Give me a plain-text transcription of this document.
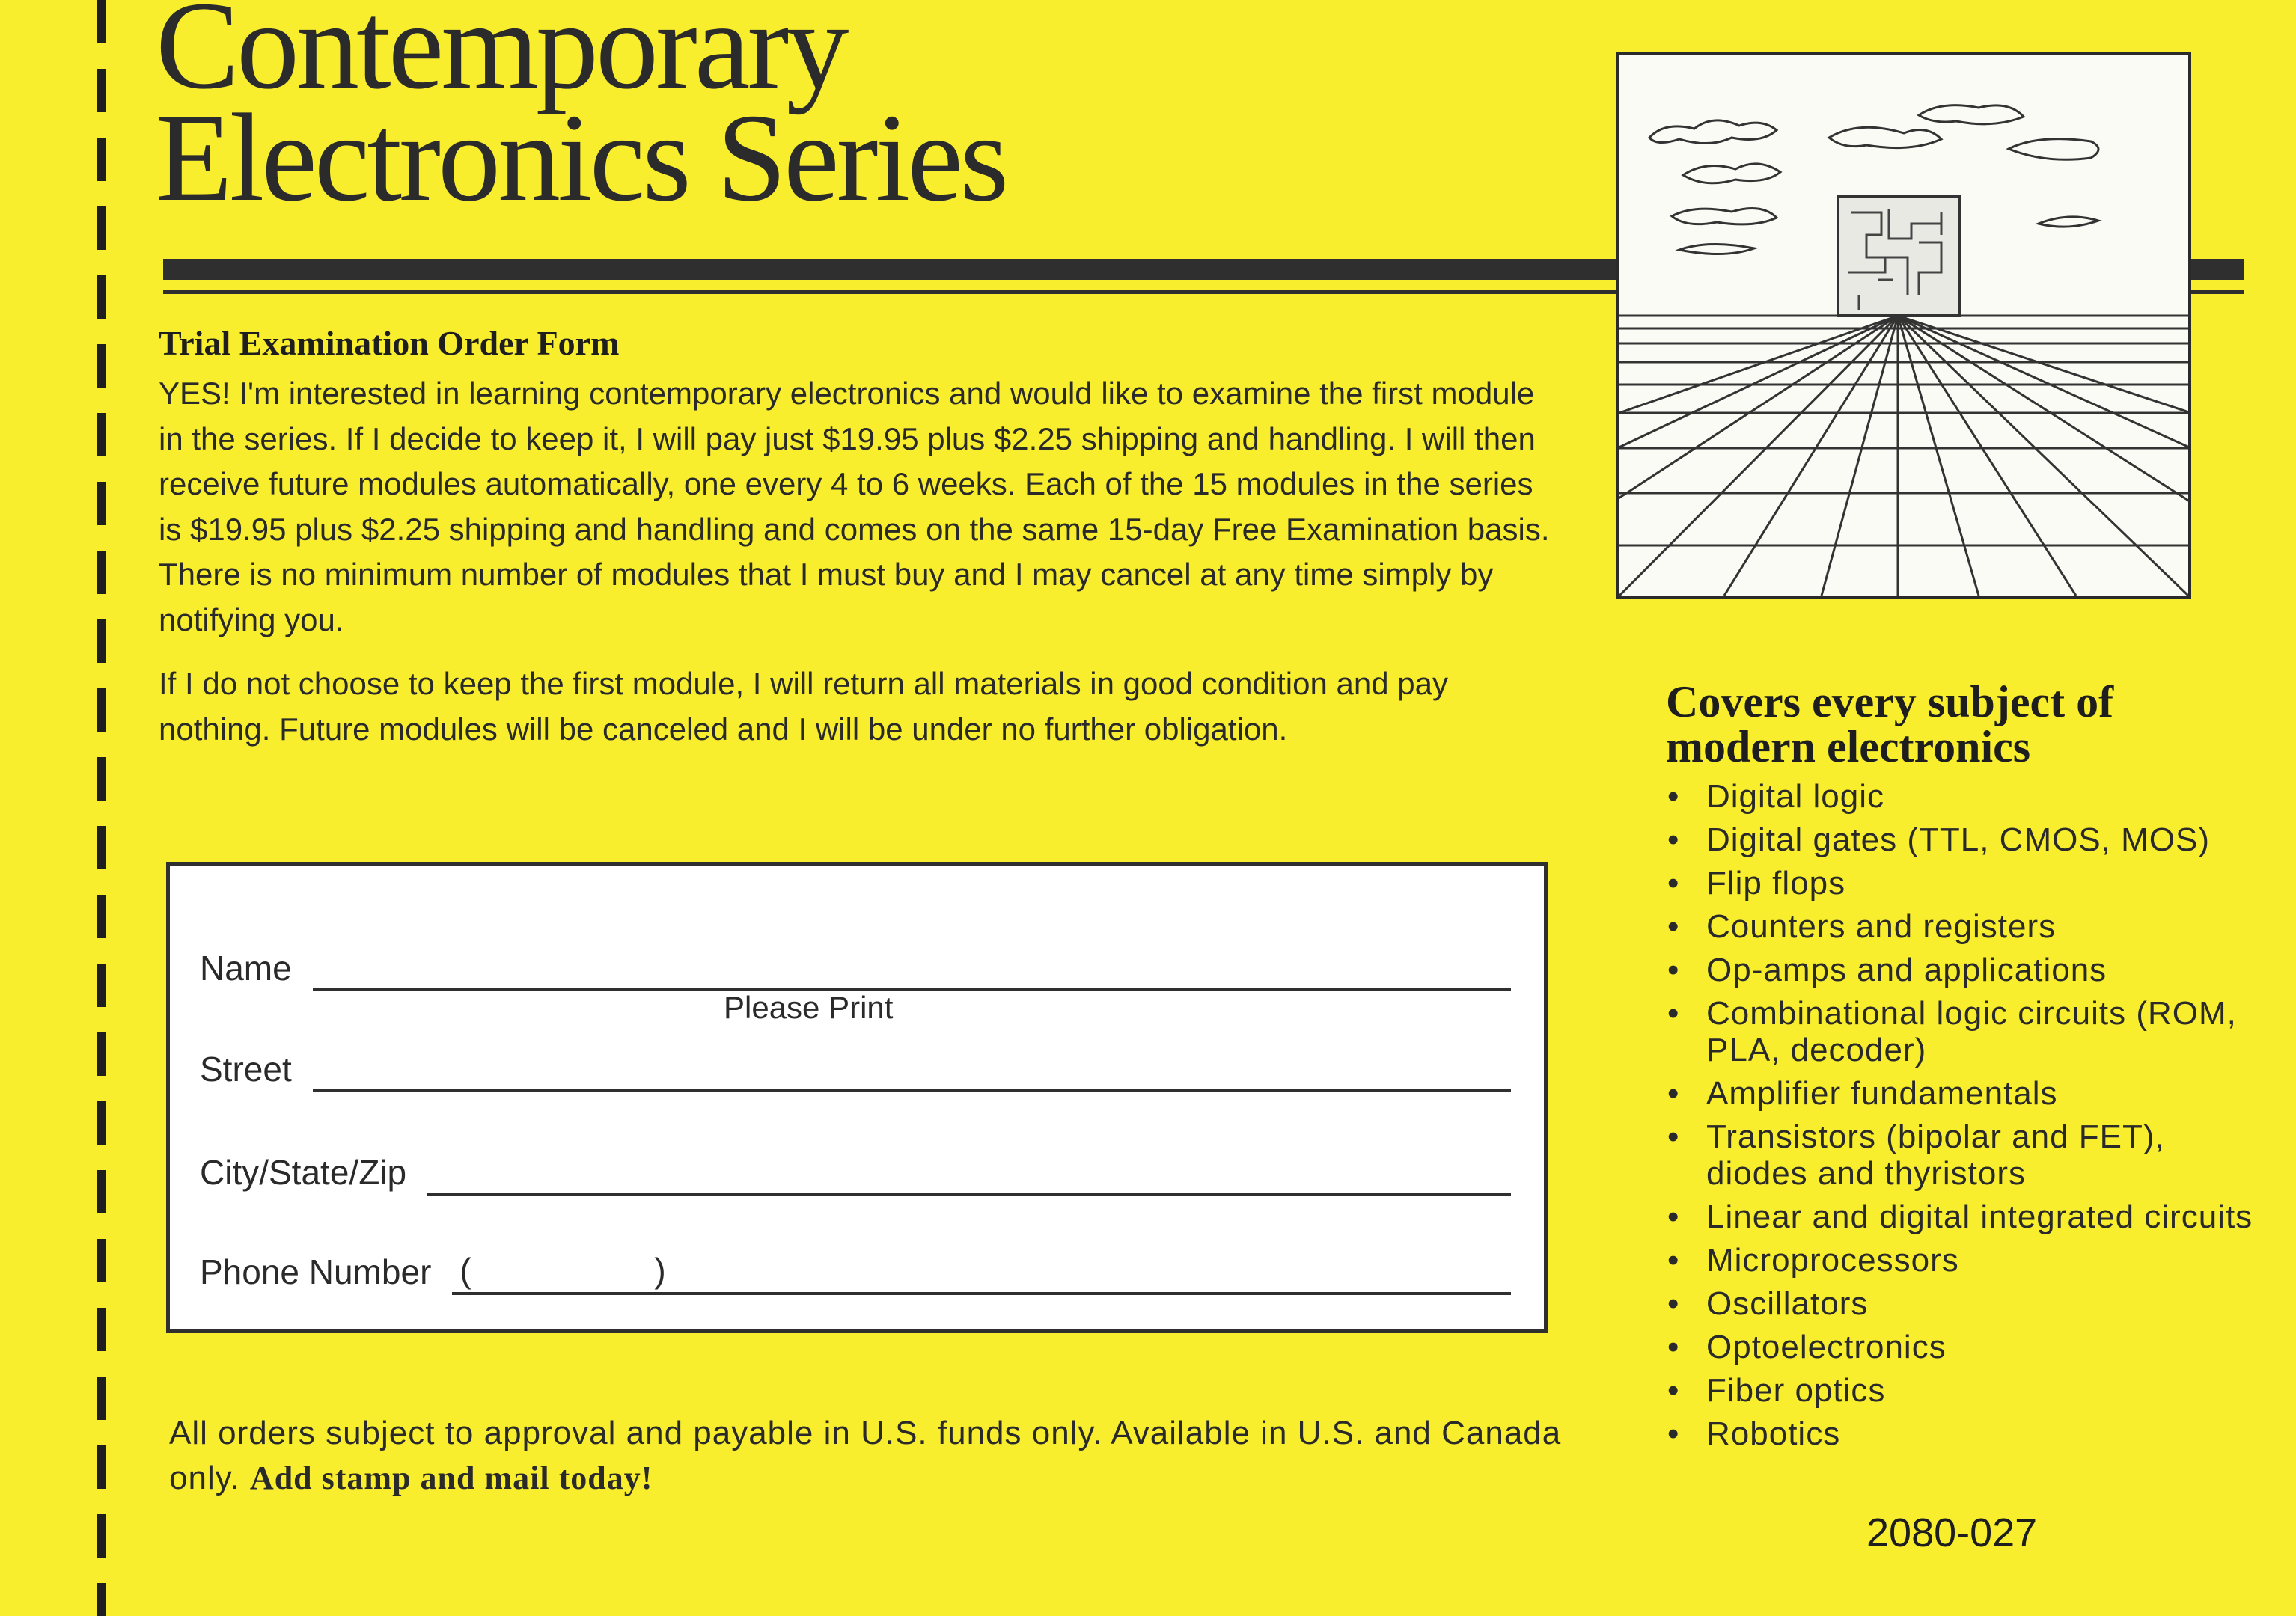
Contemporary
Electronics Series
Trial Examination Order Form

YES! I'm interested in learning contemporary electronics and would like to examine the first module in the series. If I decide to keep it, I will pay just $19.95 plus $2.25 shipping and handling. I will then receive future modules automatically, one every 4 to 6 weeks. Each of the 15 modules in the series is $19.95 plus $2.25 shipping and handling and comes on the same 15-day Free Examination basis. There is no minimum number of modules that I must buy and I may cancel at any time simply by notifying you.

If I do not choose to keep the first module, I will return all materials in good condition and pay nothing. Future modules will be canceled and I will be under no further obligation.

Name
Please Print
Street
City/State/Zip
Phone Number (	)

All orders subject to approval and payable in U.S. funds only. Available in U.S. and Canada only. Add stamp and mail today!

Covers every subject of modern electronics
• Digital logic
• Digital gates (TTL, CMOS, MOS)
• Flip flops
• Counters and registers
• Op-amps and applications
• Combinational logic circuits (ROM, PLA, decoder)
• Amplifier fundamentals
• Transistors (bipolar and FET), diodes and thyristors
• Linear and digital integrated circuits
• Microprocessors
• Oscillators
• Optoelectronics
• Fiber optics
• Robotics

2080-027
